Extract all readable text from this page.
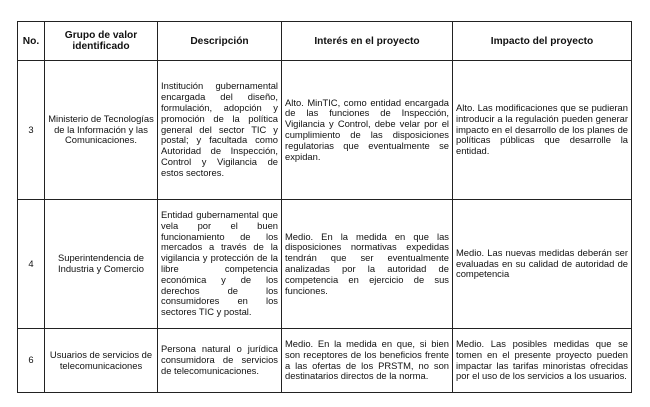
No.	Grupo de valor identificado	Descripción	Interés en el proyecto	Impacto del proyecto
3	Ministerio de Tecnologías de la Información y las Comunicaciones.	Institución gubernamental encargada del diseño, formulación, adopción y promoción de la política general del sector TIC y postal; y facultada como Autoridad de Inspección, Control y Vigilancia de estos sectores.	Alto. MinTIC, como entidad encargada de las funciones de Inspección, Vigilancia y Control, debe velar por el cumplimiento de las disposiciones regulatorias que eventualmente se expidan.	Alto. Las modificaciones que se pudieran introducir a la regulación pueden generar impacto en el desarrollo de los planes de políticas públicas que desarrolle la entidad.
4	Superintendencia de Industria y Comercio	Entidad gubernamental que vela por el buen funcionamiento de los mercados a través de la vigilancia y protección de la libre competencia económica y de los derechos de los consumidores en los sectores TIC y postal.	Medio. En la medida en que las disposiciones normativas expedidas tendrán que ser eventualmente analizadas por la autoridad de competencia en ejercicio de sus funciones.	Medio. Las nuevas medidas deberán ser evaluadas en su calidad de autoridad de competencia
6	Usuarios de servicios de telecomunicaciones	Persona natural o jurídica consumidora de servicios de telecomunicaciones.	Medio. En la medida en que, si bien son receptores de los beneficios frente a las ofertas de los PRSTM, no son destinatarios directos de la norma.	Medio. Las posibles medidas que se tomen en el presente proyecto pueden impactar las tarifas minoristas ofrecidas por el uso de los servicios a los usuarios.
